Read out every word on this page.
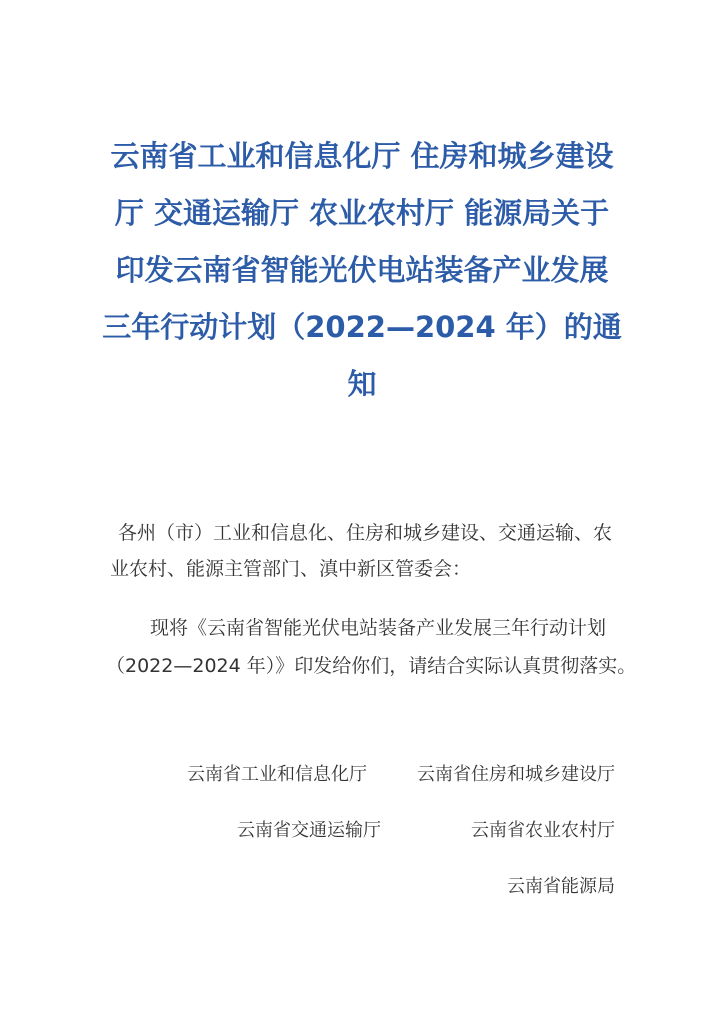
云南省工业和信息化厅 住房和城乡建设
厅 交通运输厅 农业农村厅 能源局关于
印发云南省智能光伏电站装备产业发展
三年行动计划（2022—2024 年）的通
知
各州（市）工业和信息化、住房和城乡建设、交通运输、农
业农村、能源主管部门、滇中新区管委会：
现将《云南省智能光伏电站装备产业发展三年行动计划
（2022—2024 年）》印发给你们，请结合实际认真贯彻落实。
云南省工业和信息化厅	云南省住房和城乡建设厅
云南省交通运输厅	云南省农业农村厅
云南省能源局
